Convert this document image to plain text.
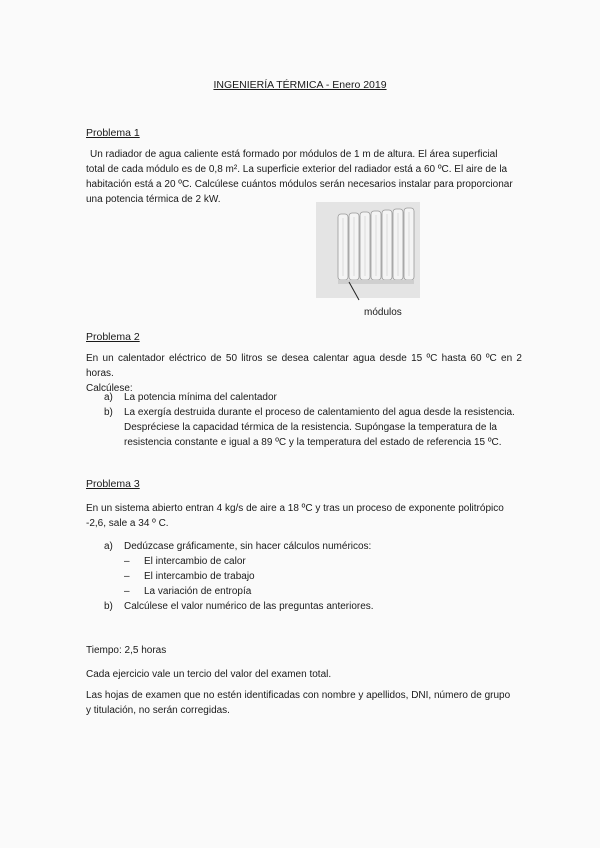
INGENIERÍA TÉRMICA - Enero 2019
Problema 1
Un radiador de agua caliente está formado por módulos de 1 m de altura. El área superficial
total de cada módulo es de 0,8 m². La superficie exterior del radiador está a 60 ºC. El aire de la
habitación está a 20 ºC. Calcúlese cuántos módulos serán necesarios instalar para proporcionar
una potencia térmica de 2 kW.
módulos
Problema 2
En un calentador eléctrico de 50 litros se desea calentar agua desde 15 ºC hasta 60 ºC en 2 horas.
Calcúlese:
a) La potencia mínima del calentador
b) La exergía destruida durante el proceso de calentamiento del agua desde la resistencia.
Despréciese la capacidad térmica de la resistencia. Supóngase la temperatura de la
resistencia constante e igual a 89 ºC y la temperatura del estado de referencia 15 ºC.
Problema 3
En un sistema abierto entran 4 kg/s de aire a 18 ºC y tras un proceso de exponente politrópico
-2,6, sale a 34 º C.
a) Dedúzcase gráficamente, sin hacer cálculos numéricos:
– El intercambio de calor
– El intercambio de trabajo
– La variación de entropía
b) Calcúlese el valor numérico de las preguntas anteriores.
Tiempo: 2,5 horas
Cada ejercicio vale un tercio del valor del examen total.
Las hojas de examen que no estén identificadas con nombre y apellidos, DNI, número de grupo
y titulación, no serán corregidas.
